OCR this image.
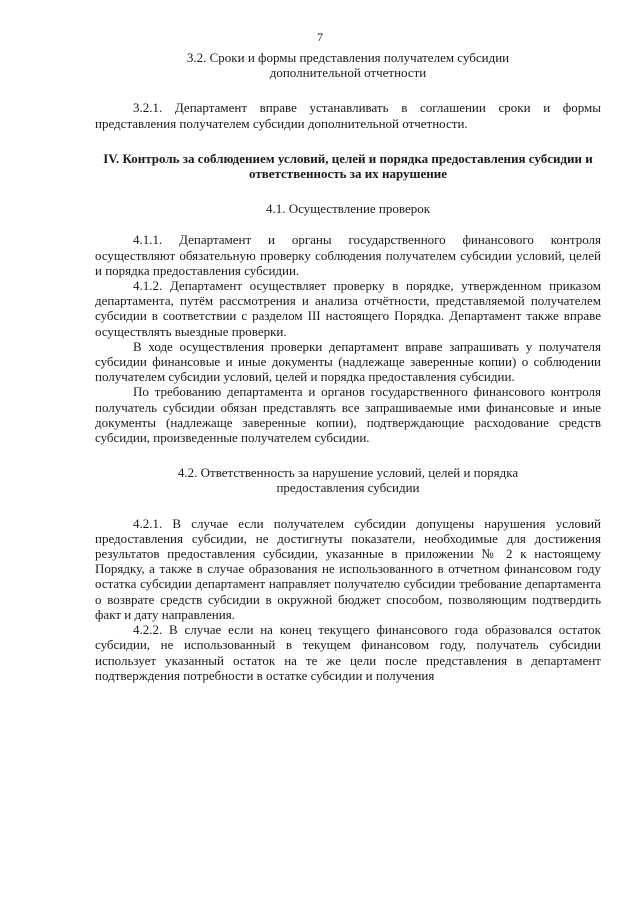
7

3.2. Сроки и формы представления получателем субсидии дополнительной отчетности

3.2.1. Департамент вправе устанавливать в соглашении сроки и формы представления получателем субсидии дополнительной отчетности.

IV. Контроль за соблюдением условий, целей и порядка предоставления субсидии и ответственность за их нарушение

4.1. Осуществление проверок

4.1.1. Департамент и органы государственного финансового контроля осуществляют обязательную проверку соблюдения получателем субсидии условий, целей и порядка предоставления субсидии.

4.1.2. Департамент осуществляет проверку в порядке, утвержденном приказом департамента, путём рассмотрения и анализа отчётности, представляемой получателем субсидии в соответствии с разделом III настоящего Порядка. Департамент также вправе осуществлять выездные проверки.

В ходе осуществления проверки департамент вправе запрашивать у получателя субсидии финансовые и иные документы (надлежаще заверенные копии) о соблюдении получателем субсидии условий, целей и порядка предоставления субсидии.

По требованию департамента и органов государственного финансового контроля получатель субсидии обязан представлять все запрашиваемые ими финансовые и иные документы (надлежаще заверенные копии), подтверждающие расходование средств субсидии, произведенные получателем субсидии.

4.2. Ответственность за нарушение условий, целей и порядка предоставления субсидии

4.2.1. В случае если получателем субсидии допущены нарушения условий предоставления субсидии, не достигнуты показатели, необходимые для достижения результатов предоставления субсидии, указанные в приложении № 2 к настоящему Порядку, а также в случае образования не использованного в отчетном финансовом году остатка субсидии департамент направляет получателю субсидии требование департамента о возврате средств субсидии в окружной бюджет способом, позволяющим подтвердить факт и дату направления.

4.2.2. В случае если на конец текущего финансового года образовался остаток субсидии, не использованный в текущем финансовом году, получатель субсидии использует указанный остаток на те же цели после представления в департамент подтверждения потребности в остатке субсидии и получения
